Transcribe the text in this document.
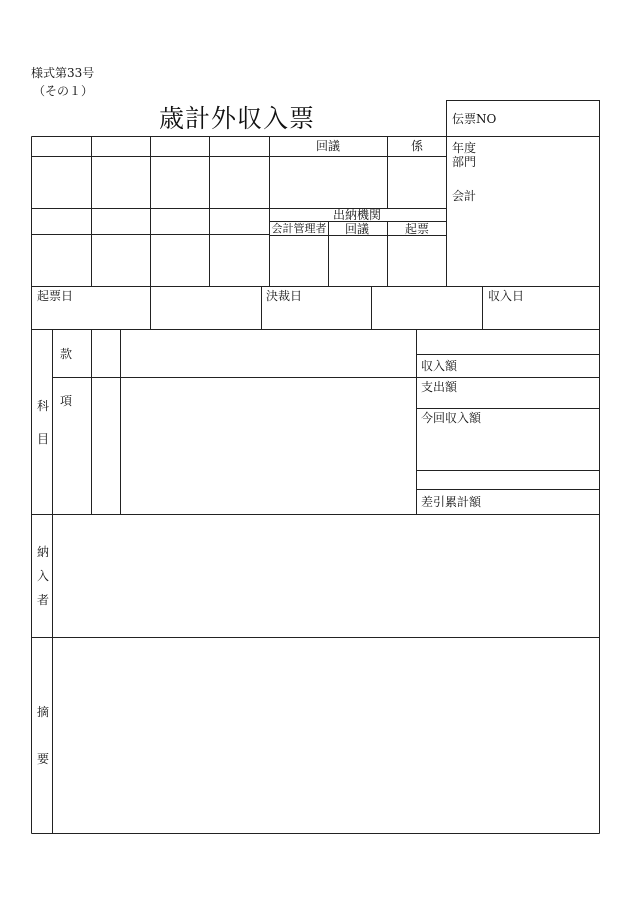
様式第33号
（その１）
歳計外収入票	伝票NO
年度
部門
会計
回議	係
出納機関
会計管理者 回議	起票
起票日	決裁日	収入日
科
目
款
項
収入額
支出額
今回収入額
差引累計額
納
入
者
摘
要
